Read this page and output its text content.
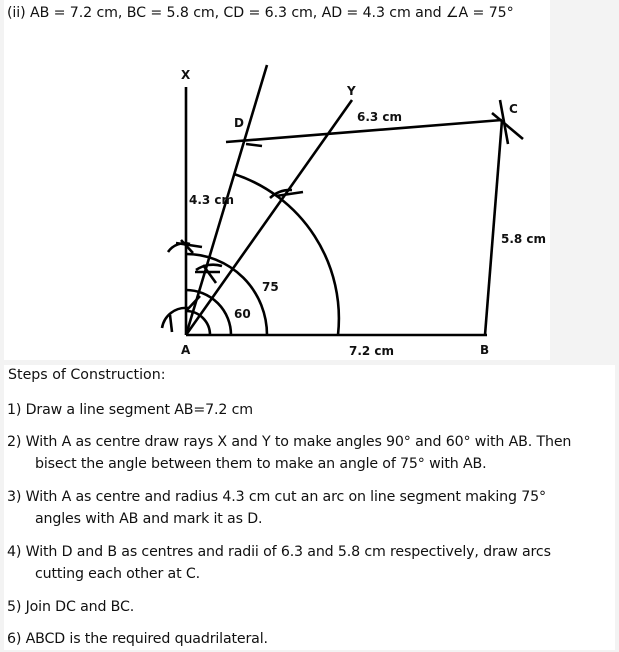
(ii) AB = 7.2 cm, BC = 5.8 cm, CD = 6.3 cm, AD = 4.3 cm and ∠A = 75°
X
Y
D
C
A	B
6.3 cm
4.3 cm
5.8 cm
7.2 cm
75
60
Steps of Construction:
1) Draw a line segment AB=7.2 cm
2) With A as centre draw rays X and Y to make angles 90° and 60° with AB. Then
bisect the angle between them to make an angle of 75° with AB.
3) With A as centre and radius 4.3 cm cut an arc on line segment making 75°
angles with AB and mark it as D.
4) With D and B as centres and radii of 6.3 and 5.8 cm respectively, draw arcs
cutting each other at C.
5) Join DC and BC.
6) ABCD is the required quadrilateral.
